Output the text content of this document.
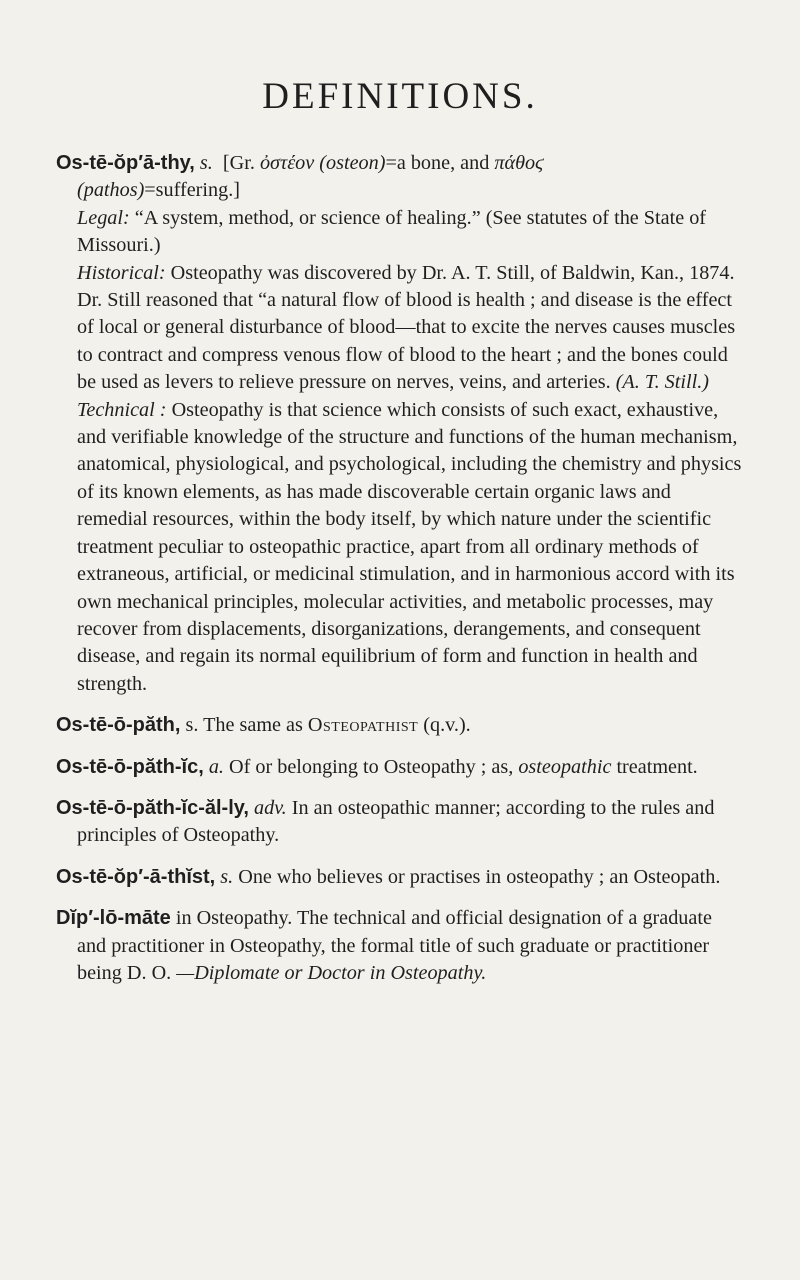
DEFINITIONS.

Os-tē-ŏp′ā-thy, s. [Gr. ὀστέον (osteon)=a bone, and πάθοϛ
(pathos)=suffering.]

Legal: “A system, method, or science of healing.” (See statutes of the State of Missouri.)

Historical: Osteopathy was discovered by Dr. A. T. Still, of Baldwin, Kan., 1874. Dr. Still reasoned that “a natural flow of blood is health ; and disease is the effect of local or general disturbance of blood—that to excite the nerves causes muscles to contract and compress venous flow of blood to the heart ; and the bones could be used as levers to relieve pressure on nerves, veins, and arteries. (A. T. Still.)

Technical : Osteopathy is that science which consists of such exact, exhaustive, and verifiable knowledge of the structure and functions of the human mechanism, anatomical, physiological, and psychological, including the chemistry and physics of its known elements, as has made discoverable certain organic laws and remedial resources, within the body itself, by which nature under the scientific treatment peculiar to osteopathic practice, apart from all ordinary methods of extraneous, artificial, or medicinal stimulation, and in harmonious accord with its own mechanical principles, molecular activities, and metabolic processes, may recover from displacements, disorganizations, derangements, and consequent disease, and regain its normal equilibrium of form and function in health and strength.

Os-tē-ō-păth, s. The same as Osteopathist (q.v.).

Os-tē-ō-păth-ĭc, a. Of or belonging to Osteopathy ; as, osteopathic treatment.

Os-tē-ō-păth-ĭc-ăl-ly, adv. In an osteopathic manner; according to the rules and principles of Osteopathy.

Os-tē-ŏp′-ā-thĭst, s. One who believes or practises in osteopathy ; an Osteopath.

Dĭp′-lō-māte in Osteopathy. The technical and official designation of a graduate and practitioner in Osteopathy, the formal title of such graduate or practitioner being D. O. —Diplomate or Doctor in Osteopathy.
